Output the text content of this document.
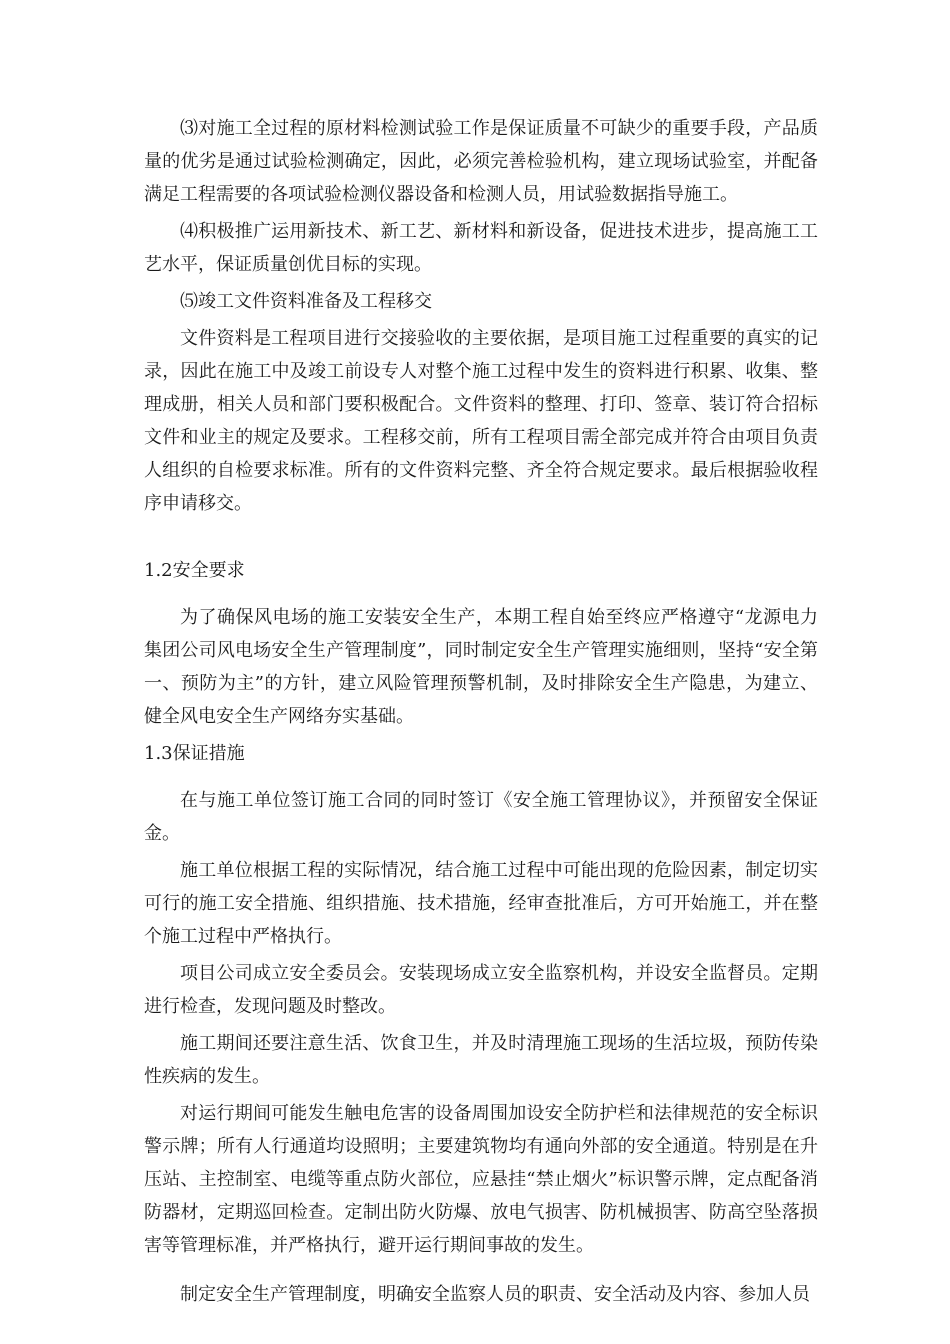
⑶对施工全过程的原材料检测试验工作是保证质量不可缺少的重要手段，产品质量的优劣是通过试验检测确定，因此，必须完善检验机构，建立现场试验室，并配备满足工程需要的各项试验检测仪器设备和检测人员，用试验数据指导施工。

⑷积极推广运用新技术、新工艺、新材料和新设备，促进技术进步，提高施工工艺水平，保证质量创优目标的实现。

⑸竣工文件资料准备及工程移交

文件资料是工程项目进行交接验收的主要依据，是项目施工过程重要的真实的记录，因此在施工中及竣工前设专人对整个施工过程中发生的资料进行积累、收集、整理成册，相关人员和部门要积极配合。文件资料的整理、打印、签章、装订符合招标文件和业主的规定及要求。工程移交前，所有工程项目需全部完成并符合由项目负责人组织的自检要求标准。所有的文件资料完整、齐全符合规定要求。最后根据验收程序申请移交。

1.2安全要求

为了确保风电场的施工安装安全生产，本期工程自始至终应严格遵守“龙源电力集团公司风电场安全生产管理制度”，同时制定安全生产管理实施细则，坚持“安全第一、预防为主”的方针，建立风险管理预警机制，及时排除安全生产隐患，为建立、健全风电安全生产网络夯实基础。

1.3保证措施

在与施工单位签订施工合同的同时签订《安全施工管理协议》，并预留安全保证金。

施工单位根据工程的实际情况，结合施工过程中可能出现的危险因素，制定切实可行的施工安全措施、组织措施、技术措施，经审查批准后，方可开始施工，并在整个施工过程中严格执行。

项目公司成立安全委员会。安装现场成立安全监察机构，并设安全监督员。定期进行检查，发现问题及时整改。

施工期间还要注意生活、饮食卫生，并及时清理施工现场的生活垃圾，预防传染性疾病的发生。

对运行期间可能发生触电危害的设备周围加设安全防护栏和法律规范的安全标识警示牌；所有人行通道均设照明；主要建筑物均有通向外部的安全通道。特别是在升压站、主控制室、电缆等重点防火部位，应悬挂“禁止烟火”标识警示牌，定点配备消防器材，定期巡回检查。定制出防火防爆、放电气损害、防机械损害、防高空坠落损害等管理标准，并严格执行，避开运行期间事故的发生。

制定安全生产管理制度，明确安全监察人员的职责、安全活动及内容、参加人员
